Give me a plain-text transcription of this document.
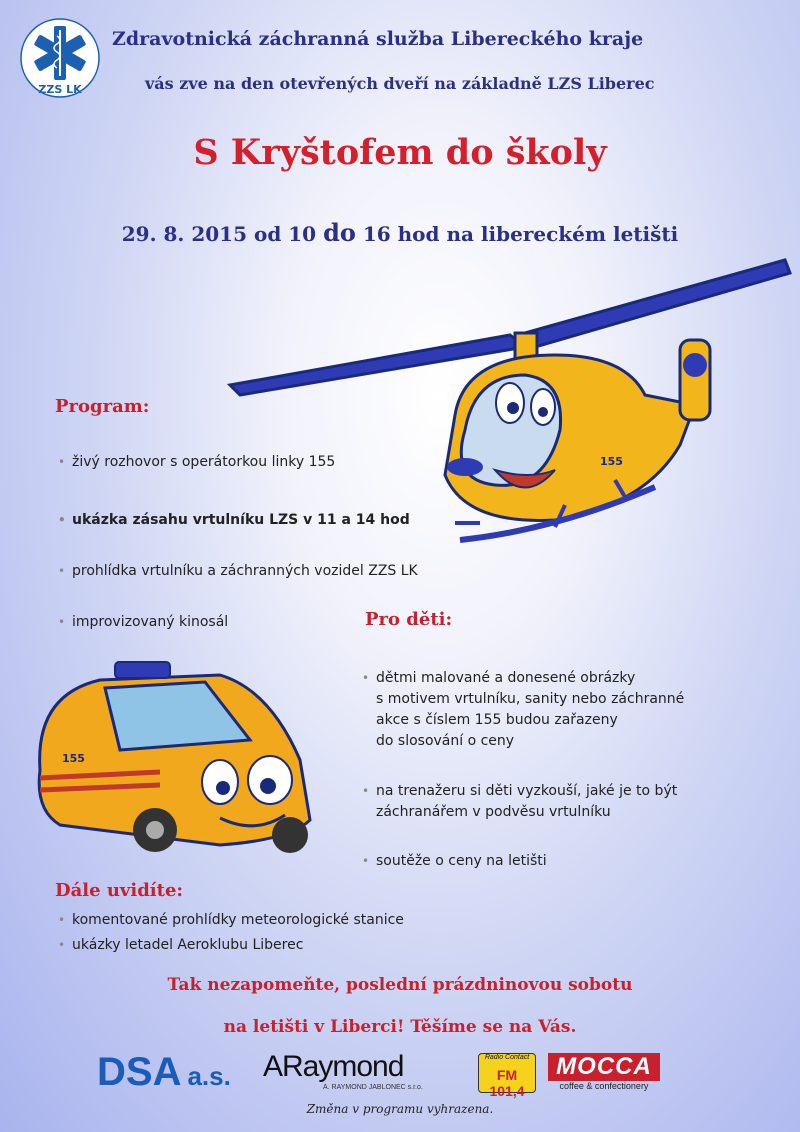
ZZS LK
Zdravotnická záchranná služba Libereckého kraje
vás zve na den otevřených dveří na základně LZS Liberec
S Kryštofem do školy
29. 8. 2015 od 10 do 16 hod na libereckém letišti
155
Program:
• živý rozhovor s operátorkou linky 155
• ukázka zásahu vrtulníku LZS v 11 a 14 hod
• prohlídka vrtulníku a záchranných vozidel ZZS LK
• improvizovaný kinosál
155
Pro děti:
• dětmi malované a donesené obrázky
s motivem vrtulníku, sanity nebo záchranné
akce s číslem 155 budou zařazeny
do slosování o ceny
• na trenažeru si děti vyzkouší, jaké je to být
záchranářem v podvěsu vrtulníku
• soutěže o ceny na letišti
Dále uvidíte:
• komentované prohlídky meteorologické stanice
• ukázky letadel Aeroklubu Liberec
Tak nezapomeňte, poslední prázdninovou sobotu
na letišti v Liberci! Těšíme se na Vás.
DSA a.s.	ARaymond
A. RAYMOND JABLONEC s.r.o.
Radio Contact
FM 101,4
MOCCA
coffee & confectionery
Změna v programu vyhrazena.
